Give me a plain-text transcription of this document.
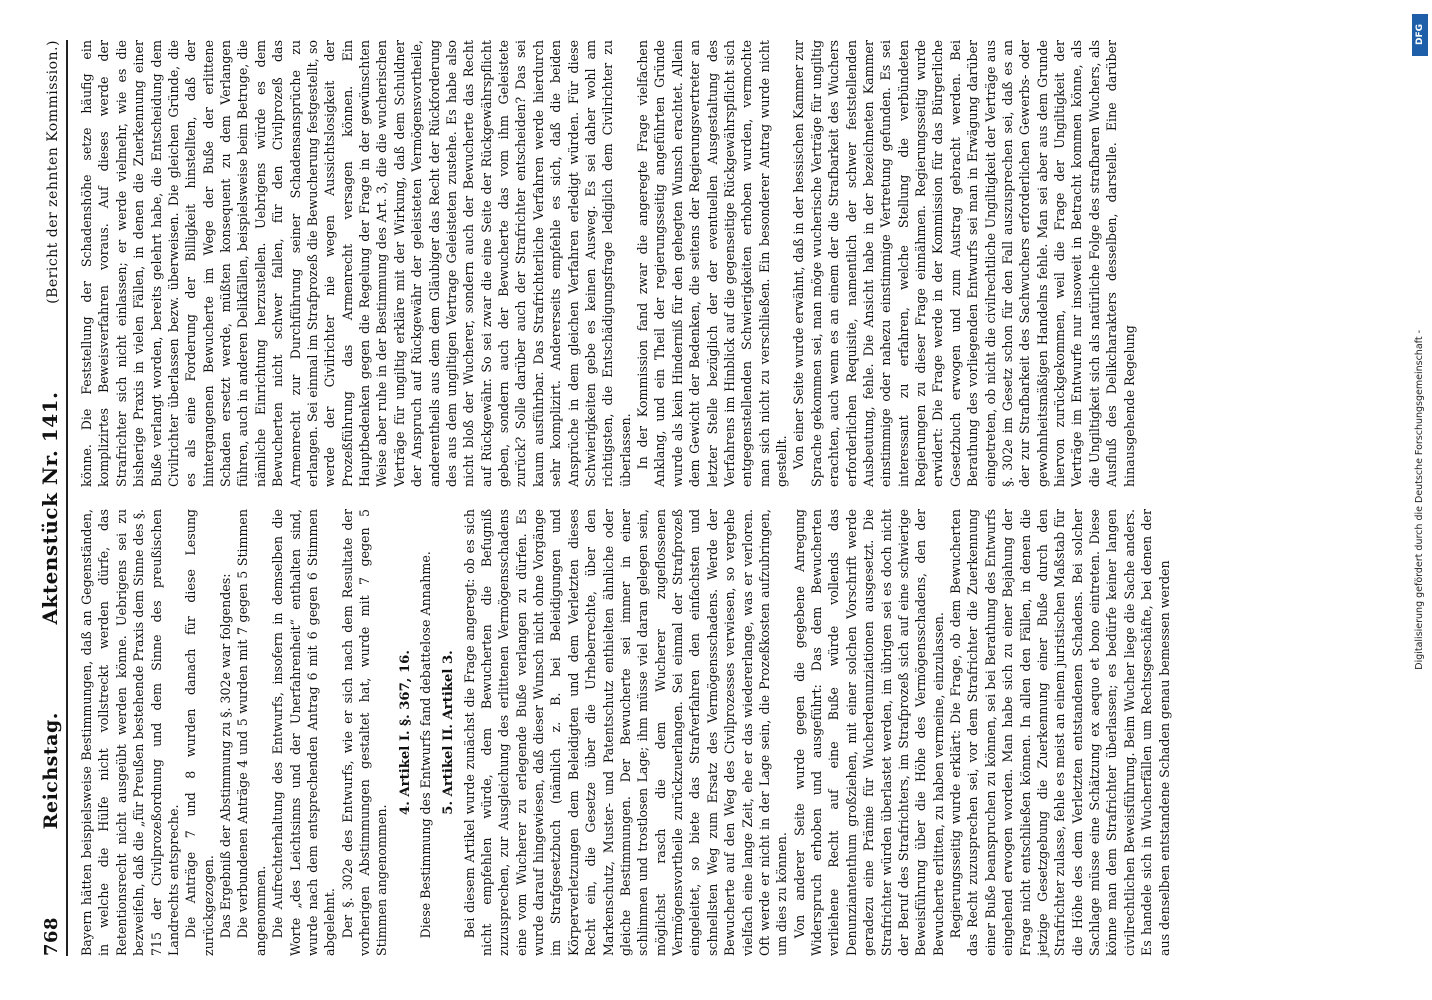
768
Reichstag.
Aktenstück Nr. 141.
(Bericht der zehnten Kommission.)

Bayern hätten beispielsweise Bestimmungen, daß an Gegenständen, in welche die Hülfe nicht vollstreckt werden dürfe, das Retentionsrecht nicht ausgeübt werden könne. Uebrigens sei zu bezweifeln, daß die „für Preußen bestehende Praxis dem Sinne des §. 715 der Civilprozeßordnung und dem Sinne des preußischen Landrechts entspreche. Die Anträge 7 und 8 wurden danach für diese Lesung zurückgezogen. Das Ergebniß der Abstimmung zu §. 302e war folgendes: Die verbundenen Anträge 4 und 5 wurden mit 7 gegen 5 Stimmen angenommen. Die Aufrechterhaltung des Entwurfs, insofern in demselben die Worte „des Leichtsinns und der Unerfahrenheit“ enthalten sind, wurde nach dem entsprechenden Antrag 6 mit 6 gegen 6 Stimmen abgelehnt. Der §. 302e des Entwurfs, wie er sich nach dem Resultate der vorherigen Abstimmungen gestaltet hat, wurde mit 7 gegen 5 Stimmen angenommen.

4. Artikel I. §. 367, 16. Diese Bestimmung des Entwurfs fand debattelose Annahme. 5. Artikel II. Artikel 3. Bei diesem Artikel wurde zunächst die Frage angeregt: ob es sich nicht empfehlen würde, dem Bewucherten die Befugniß zuzusprechen, zur Ausgleichung des erlittenen Vermögensschadens eine vom Wucherer zu erlegende Buße verlangen zu dürfen. Es wurde darauf hingewiesen, daß dieser Wunsch nicht ohne Vorgänge im Strafgesetzbuch (nämlich z. B. bei Beleidigungen und Körperverletzungen dem Beleidigten und dem Verletzten dieses Recht ein, die Gesetze über die Urheberrechte, über den Markenschutz, Muster- und Patentschutz enthielten ähnliche oder gleiche Bestimmungen. Der Bewucherte sei immer in einer schlimmen und trostlosen Lage; ihm müsse viel daran gelegen sein, möglichst rasch die dem Wucherer zugeflossenen Vermögensvortheile zurückzuerlangen. Sei einmal der Strafprozeß eingeleitet, so biete das Strafverfahren den einfachsten und schnellsten Weg zum Ersatz des Vermögensschadens. Werde der Bewucherte auf den Weg des Civilprozesses verwiesen, so vergehe vielfach eine lange Zeit, ehe er das wiedererlange, was er verloren. Oft werde er nicht in der Lage sein, die Prozeßkosten aufzubringen, um dies zu können. Von anderer Seite wurde gegen die gegebene Anregung Widerspruch erhoben und ausgeführt: Das dem Bewucherten verliehene Recht auf eine Buße würde vollends das Denunziantenthum großziehen, mit einer solchen Vorschrift werde geradezu eine Prämie für Wucherdenunziationen ausgesetzt. Die Strafrichter würden überlastet werden, im übrigen sei es doch nicht der Beruf des Strafrichters, im Strafprozeß sich auf eine schwierige Beweisführung über die Höhe des Vermögensschadens, den der Bewucherte erlitten, zu haben vermeine, einzulassen. Regierungsseitig wurde erklärt: Die Frage, ob dem Bewucherten das Recht zuzusprechen sei, vor dem Strafrichter die Zuerkennung einer Buße beanspruchen zu können, sei bei Berathung des Entwurfs eingehend erwogen worden. Man habe sich zu einer Bejahung der Frage nicht entschließen können. In allen den Fällen, in denen die jetzige Gesetzgebung die Zuerkennung einer Buße durch den Strafrichter zulasse, fehle es meist an einem juristischen Maßstab für die Höhe des dem Verletzten entstandenen Schadens. Bei solcher Sachlage müsse eine Schätzung ex aequo et bono eintreten. Diese könne man dem Strafrichter überlassen; es bedürfe keiner langen civilrechtlichen Beweisführung. Beim Wucher liege die Sache anders. Es handele sich in Wucherfällen um Rechtsgeschäfte, bei denen der aus denselben entstandene Schaden genau bemessen werden

könne. Die Feststellung der Schadenshöhe setze häufig ein komplizirtes Beweisverfahren voraus. Auf dieses werde der Strafrichter sich nicht einlassen; er werde vielmehr, wie es die bisherige Praxis in vielen Fällen, in denen die Zuerkennung einer Buße verlangt worden, bereits gelehrt habe, die Entscheidung dem Civilrichter überlassen bezw. überweisen. Die gleichen Gründe, die es als eine Forderung der Billigkeit hinstellten, daß der hintergangenen Bewucherte im Wege der Buße der erlittene Schaden ersetzt werde, müßten konsequent zu dem Verlangen führen, auch in anderen Delikfällen, beispielsweise beim Betruge, die nämliche Einrichtung herzustellen. Uebrigens würde es dem Bewucherten nicht schwer fallen, für den Civilprozeß das Armenrecht zur Durchführung seiner Schadensansprüche zu erlangen. Sei einmal im Strafprozeß die Bewucherung festgestellt, so werde der Civilrichter nie wegen Aussichtslosigkeit der Prozeßführung das Armenrecht versagen können. Ein Hauptbedenken gegen die Regelung der Frage in der gewünschten Weise aber ruhe in der Bestimmung des Art. 3, die die wucherischen Verträge für ungiltig erkläre mit der Wirkung, daß dem Schuldner der Anspruch auf Rückgewähr der geleisteten Vermögensvortheile, anderentheils aus dem dem Gläubiger das Recht der Rückforderung des aus dem ungiltigen Vertrage Geleisteten zustehe. Es habe also nicht bloß der Wucherer, sondern auch der Bewucherte das Recht auf Rückgewähr. So sei zwar die eine Seite der Rückgewährspflicht geben, sondern auch der Bewucherte das vom ihm Geleistete zurück? Solle darüber auch der Strafrichter entscheiden? Das sei kaum ausführbar. Das Strafrichterliche Verfahren werde hierdurch sehr komplizirt. Andererseits empfehle es sich, daß die beiden Ansprüche in dem gleichen Verfahren erledigt würden. Für diese Schwierigkeiten gebe es keinen Ausweg. Es sei daher wohl am richtigsten, die Entschädigungsfrage lediglich dem Civilrichter zu überlassen. In der Kommission fand zwar die angeregte Frage vielfachen Anklang, und ein Theil der regierungsseitig angeführten Gründe wurde als kein Hinderniß für den gehegten Wunsch erachtet. Allein dem Gewicht der Bedenken, die seitens der Regierungsvertreter an letzter Stelle bezüglich der der eventuellen Ausgestaltung des Verfahrens im Hinblick auf die gegenseitige Rückgewährspflicht sich entgegenstellenden Schwierigkeiten erhoben wurden, vermochte man sich nicht zu verschließen. Ein besonderer Antrag wurde nicht gestellt. Von einer Seite wurde erwähnt, daß in der hessischen Kammer zur Sprache gekommen sei, man möge wucherische Verträge für ungiltig erachten, auch wenn es an einem der die Strafbarkeit des Wuchers erforderlichen Requisite, namentlich der schwer feststellenden Ausbeutung, fehle. Die Ansicht habe in der bezeichneten Kammer einstimmige oder nahezu einstimmige Vertretung gefunden. Es sei interessant zu erfahren, welche Stellung die verbündeten Regierungen zu dieser Frage einnähmen. Regierungsseitig wurde erwidert: Die Frage werde in der Kommission für das Bürgerliche Gesetzbuch erwogen und zum Austrag gebracht werden. Bei Berathung des vorliegenden Entwurfs sei man in Erwägung darüber eingetreten, ob nicht die civilrechtliche Ungiltigkeit der Verträge aus §. 302e im Gesetz schon für den Fall auszusprechen sei, daß es an der zur Strafbarkeit des Sachwuchers erforderlichen Gewerbs- oder gewohnheitsmäßigen Handelns fehle. Man sei aber aus dem Grunde hiervon zurückgekommen, weil die Frage der Ungiltigkeit der Verträge im Entwurfe nur insoweit in Betracht kommen könne, als die Ungiltigkeit sich als natürliche Folge des strafbaren Wuchers, als Ausfluß des Delikcharakters desselben, darstelle. Eine darüber hinausgehende Regelung	Digitalisierung gefördert durch die Deutsche Forschungsgemeinschaft -
DFG
